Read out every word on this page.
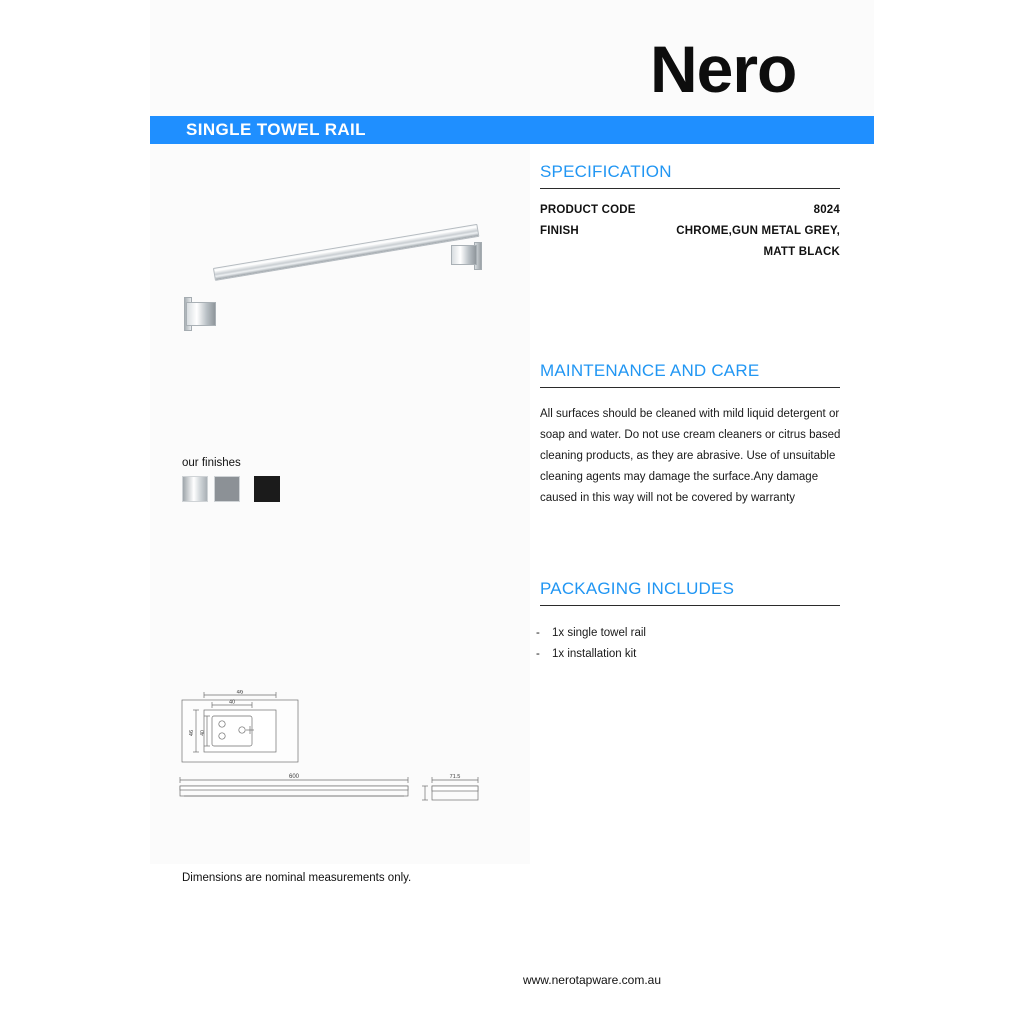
Nero
SINGLE TOWEL RAIL
our finishes
SPECIFICATION
PRODUCT CODE	8024
FINISH	CHROME,GUN METAL GREY,
MATT BLACK
MAINTENANCE AND CARE
All surfaces should be cleaned with mild liquid detergent or soap and water. Do not use cream cleaners or citrus based cleaning products, as they are abrasive. Use of unsuitable cleaning agents may damage the surface.Any damage caused in this way will not be covered by warranty
PACKAGING INCLUDES
- 1x single towel rail
- 1x installation kit
46
40
46 40
600	71.5
Dimensions are nominal measurements only.
www.nerotapware.com.au
